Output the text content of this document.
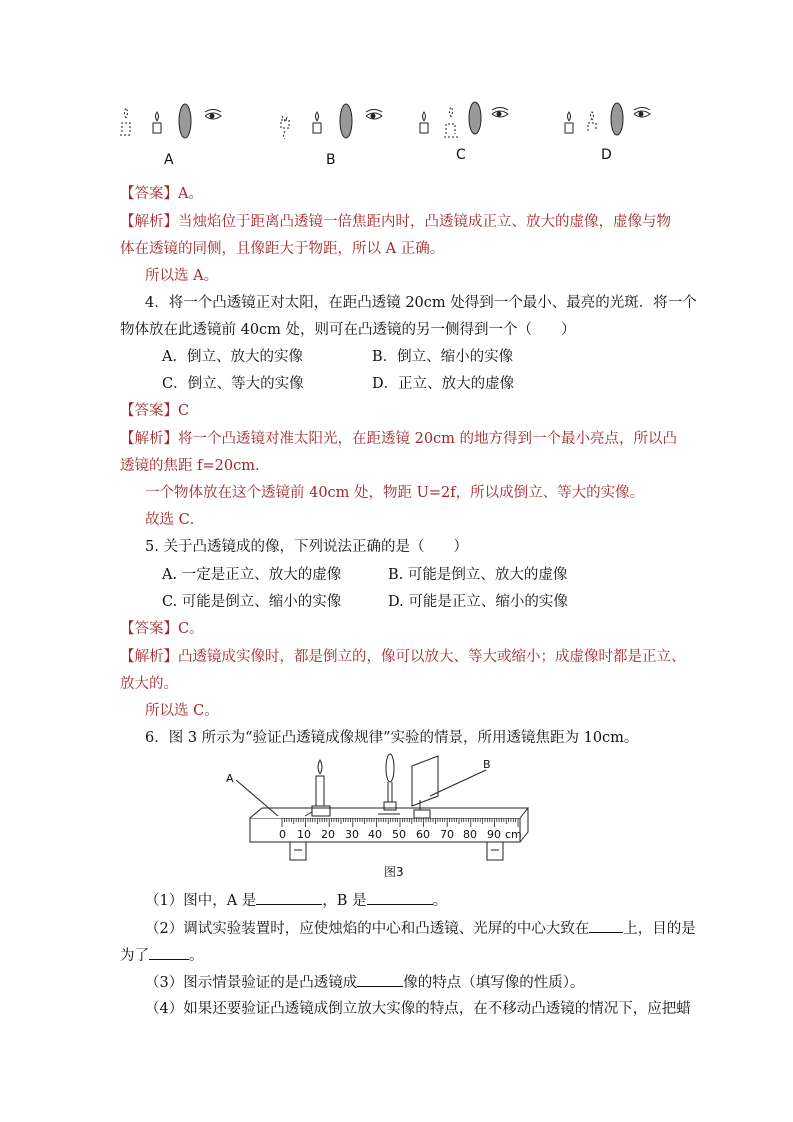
A	B	C	D
【答案】A。
【解析】当烛焰位于距离凸透镜一倍焦距内时，凸透镜成正立、放大的虚像，虚像与物
体在透镜的同侧，且像距大于物距，所以 A 正确。
所以选 A。
4．将一个凸透镜正对太阳，在距凸透镜 20cm 处得到一个最小、最亮的光斑．将一个
物体放在此透镜前 40cm 处，则可在凸透镜的另一侧得到一个（　　）
A．倒立、放大的实像	B．倒立、缩小的实像
C．倒立、等大的实像	D．正立、放大的虚像
【答案】C
【解析】将一个凸透镜对准太阳光，在距透镜 20cm 的地方得到一个最小亮点，所以凸
透镜的焦距 f=20cm．
一个物体放在这个透镜前 40cm 处，物距 U=2f，所以成倒立、等大的实像。
故选 C．
5. 关于凸透镜成的像，下列说法正确的是（　　）
A. 一定是正立、放大的虚像	B. 可能是倒立、放大的虚像
C. 可能是倒立、缩小的实像	D. 可能是正立、缩小的实像
【答案】C。
【解析】凸透镜成实像时，都是倒立的，像可以放大、等大或缩小；成虚像时都是正立、
放大的。
所以选 C。
6．图 3 所示为“验证凸透镜成像规律”实验的情景，所用透镜焦距为 10cm。
A
B
0 10 20 30 40 50 60 70 80 90 cm
图3
（1）图中，A 是	，B 是	。
（2）调试实验装置时，应使烛焰的中心和凸透镜、光屏的中心大致在 上，目的是
为了	。
（3）图示情景验证的是凸透镜成	像的特点（填写像的性质）。
（4）如果还要验证凸透镜成倒立放大实像的特点，在不移动凸透镜的情况下，应把蜡
